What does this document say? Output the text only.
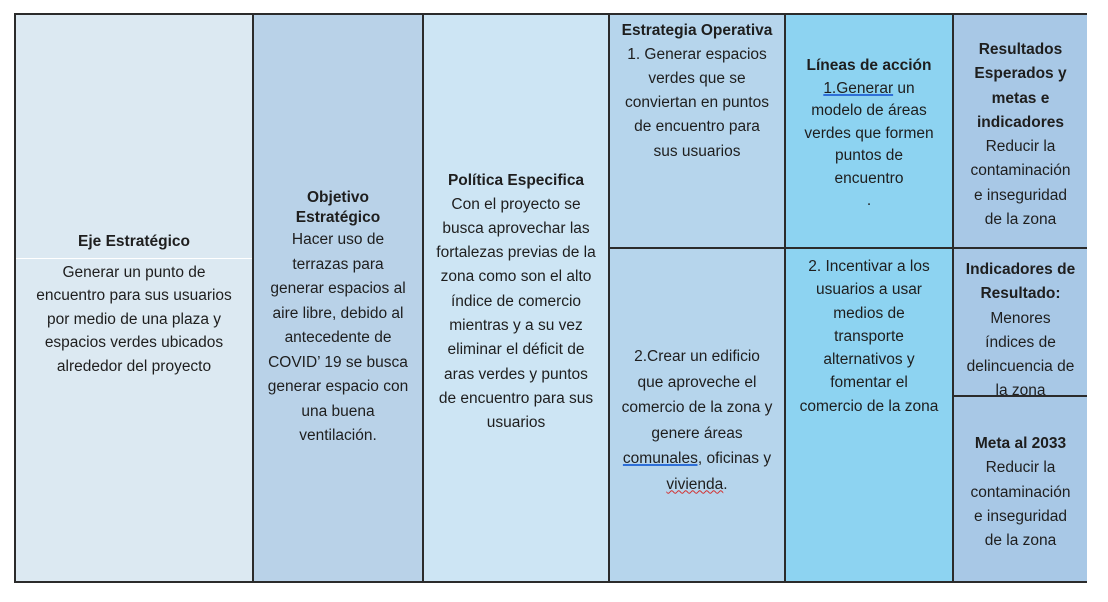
Eje Estratégico
Generar un punto de
encuentro para sus usuarios
por medio de una plaza y
espacios verdes ubicados
alrededor del proyecto
Objetivo
Estratégico
Hacer uso de
terrazas para
generar espacios al
aire libre, debido al
antecedente de
COVID’ 19 se busca
generar espacio con
una buena
ventilación.
Política Especifica
Con el proyecto se
busca aprovechar las
fortalezas previas de la
zona como son el alto
índice de comercio
mientras y a su vez
eliminar el déficit de
aras verdes y puntos
de encuentro para sus
usuarios
Estrategia Operativa
1. Generar espacios
verdes que se
conviertan en puntos
de encuentro para
sus usuarios
2.Crear un edificio
que aproveche el
comercio de la zona y
genere áreas
comunales, oficinas y
vivienda.
Líneas de acción
1.Generar un
modelo de áreas
verdes que formen
puntos de
encuentro
.
2. Incentivar a los
usuarios a usar
medios de
transporte
alternativos y
fomentar el
comercio de la zona
Resultados
Esperados y
metas e
indicadores
Reducir la
contaminación
e inseguridad
de la zona
Indicadores de
Resultado:
Menores
índices de
delincuencia de
la zona
Meta al 2033
Reducir la
contaminación
e inseguridad
de la zona
